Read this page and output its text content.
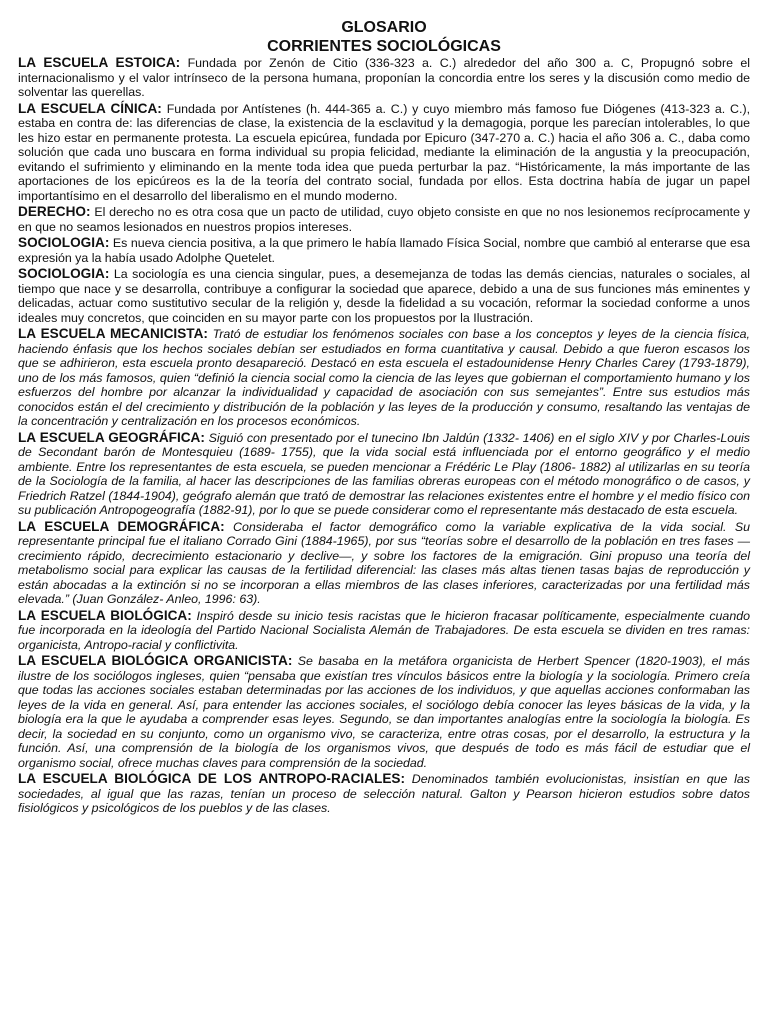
GLOSARIO
CORRIENTES SOCIOLÓGICAS

LA ESCUELA ESTOICA: Fundada por Zenón de Citio (336-323 a. C.) alrededor del año 300 a. C, Propugnó sobre el internacionalismo y el valor intrínseco de la persona humana, proponían la concordia entre los seres y la discusión como medio de solventar las querellas.

LA ESCUELA CÍNICA: Fundada por Antístenes (h. 444-365 a. C.) y cuyo miembro más famoso fue Diógenes (413-323 a. C.), estaba en contra de: las diferencias de clase, la existencia de la esclavitud y la demagogia, porque les parecían intolerables, lo que les hizo estar en permanente protesta. La escuela epicúrea, fundada por Epicuro (347-270 a. C.) hacia el año 306 a. C., daba como solución que cada uno buscara en forma individual su propia felicidad, mediante la eliminación de la angustia y la preocupación, evitando el sufrimiento y eliminando en la mente toda idea que pueda perturbar la paz. “Históricamente, la más importante de las aportaciones de los epicúreos es la de la teoría del contrato social, fundada por ellos. Esta doctrina había de jugar un papel importantísimo en el desarrollo del liberalismo en el mundo moderno.

DERECHO: El derecho no es otra cosa que un pacto de utilidad, cuyo objeto consiste en que no nos lesionemos recíprocamente y en que no seamos lesionados en nuestros propios intereses.

SOCIOLOGIA: Es nueva ciencia positiva, a la que primero le había llamado Física Social, nombre que cambió al enterarse que esa expresión ya la había usado Adolphe Quetelet.

SOCIOLOGIA: La sociología es una ciencia singular, pues, a desemejanza de todas las demás ciencias, naturales o sociales, al tiempo que nace y se desarrolla, contribuye a configurar la sociedad que aparece, debido a una de sus funciones más eminentes y delicadas, actuar como sustitutivo secular de la religión y, desde la fidelidad a su vocación, reformar la sociedad conforme a unos ideales muy concretos, que coinciden en su mayor parte con los propuestos por la Ilustración.

LA ESCUELA MECANICISTA: Trató de estudiar los fenómenos sociales con base a los conceptos y leyes de la ciencia física, haciendo énfasis que los hechos sociales debían ser estudiados en forma cuantitativa y causal. Debido a que fueron escasos los que se adhirieron, esta escuela pronto desapareció. Destacó en esta escuela el estadounidense Henry Charles Carey (1793-1879), uno de los más famosos, quien “definió la ciencia social como la ciencia de las leyes que gobiernan el comportamiento humano y los esfuerzos del hombre por alcanzar la individualidad y capacidad de asociación con sus semejantes”. Entre sus estudios más conocidos están el del crecimiento y distribución de la población y las leyes de la producción y consumo, resaltando las ventajas de la concentración y centralización en los procesos económicos.

LA ESCUELA GEOGRÁFICA: Siguió con presentado por el tunecino Ibn Jaldún (1332- 1406) en el siglo XIV y por Charles-Louis de Secondant barón de Montesquieu (1689- 1755), que la vida social está influenciada por el entorno geográfico y el medio ambiente. Entre los representantes de esta escuela, se pueden mencionar a Frédéric Le Play (1806- 1882) al utilizarlas en su teoría de la Sociología de la familia, al hacer las descripciones de las familias obreras europeas con el método monográfico o de casos, y Friedrich Ratzel (1844-1904), geógrafo alemán que trató de demostrar las relaciones existentes entre el hombre y el medio físico con su publicación Antropogeografía (1882-91), por lo que se puede considerar como el representante más destacado de esta escuela.

LA ESCUELA DEMOGRÁFICA: Consideraba el factor demográfico como la variable explicativa de la vida social. Su representante principal fue el italiano Corrado Gini (1884-1965), por sus “teorías sobre el desarrollo de la población en tres fases —crecimiento rápido, decrecimiento estacionario y declive—, y sobre los factores de la emigración. Gini propuso una teoría del metabolismo social para explicar las causas de la fertilidad diferencial: las clases más altas tienen tasas bajas de reproducción y están abocadas a la extinción si no se incorporan a ellas miembros de las clases inferiores, caracterizadas por una fertilidad más elevada.” (Juan González- Anleo, 1996: 63).

LA ESCUELA BIOLÓGICA: Inspiró desde su inicio tesis racistas que le hicieron fracasar políticamente, especialmente cuando fue incorporada en la ideología del Partido Nacional Socialista Alemán de Trabajadores. De esta escuela se dividen en tres ramas: organicista, Antropo-racial y conflictivita.

LA ESCUELA BIOLÓGICA ORGANICISTA: Se basaba en la metáfora organicista de Herbert Spencer (1820-1903), el más ilustre de los sociólogos ingleses, quien “pensaba que existían tres vínculos básicos entre la biología y la sociología. Primero creía que todas las acciones sociales estaban determinadas por las acciones de los individuos, y que aquellas acciones conformaban las leyes de la vida en general. Así, para entender las acciones sociales, el sociólogo debía conocer las leyes básicas de la vida, y la biología era la que le ayudaba a comprender esas leyes. Segundo, se dan importantes analogías entre la sociología la biología. Es decir, la sociedad en su conjunto, como un organismo vivo, se caracteriza, entre otras cosas, por el desarrollo, la estructura y la función. Así, una comprensión de la biología de los organismos vivos, que después de todo es más fácil de estudiar que el organismo social, ofrece muchas claves para comprensión de la sociedad.

LA ESCUELA BIOLÓGICA DE LOS ANTROPO-RACIALES: Denominados también evolucionistas, insistían en que las sociedades, al igual que las razas, tenían un proceso de selección natural. Galton y Pearson hicieron estudios sobre datos fisiológicos y psicológicos de los pueblos y de las clases.
